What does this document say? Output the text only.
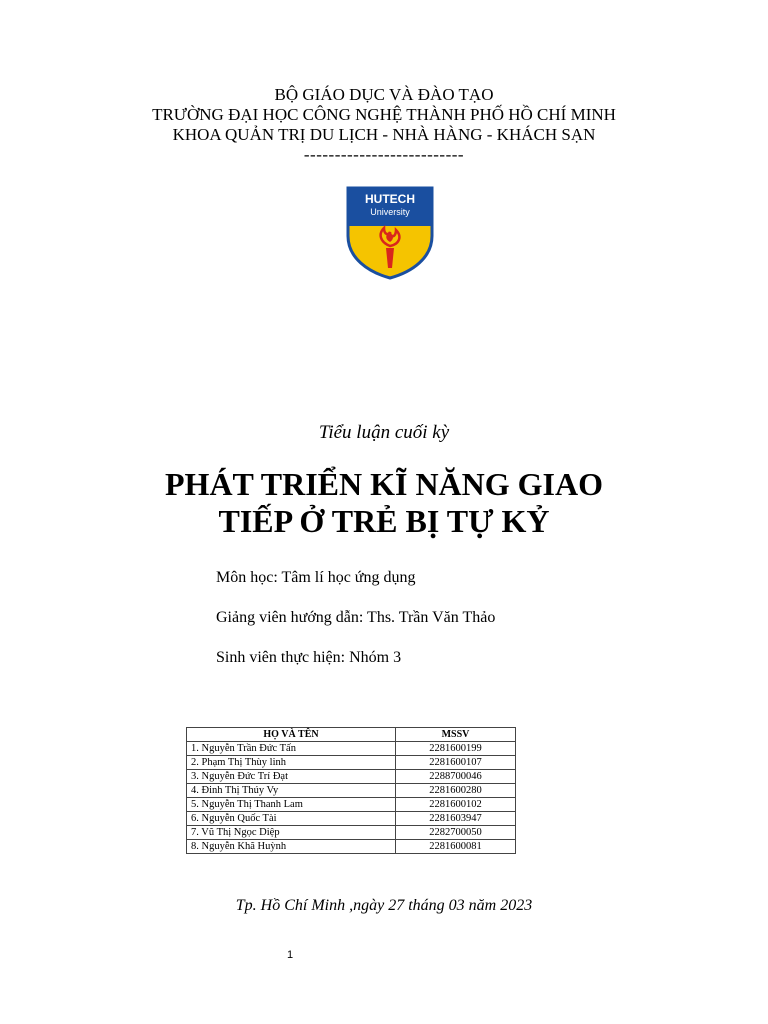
BỘ GIÁO DỤC VÀ ĐÀO TẠO
TRƯỜNG ĐẠI HỌC CÔNG NGHỆ THÀNH PHỐ HỒ CHÍ MINH
KHOA QUẢN TRỊ DU LỊCH - NHÀ HÀNG - KHÁCH SẠN
--------------------------
HUTECH
University
Tiểu luận cuối kỳ
PHÁT TRIỂN KĨ NĂNG GIAO
TIẾP Ở TRẺ BỊ TỰ KỶ
Môn học: Tâm lí học ứng dụng
Giảng viên hướng dẫn: Ths. Trần Văn Thảo
Sinh viên thực hiện: Nhóm 3
HỌ VÀ TÊN	MSSV
1. Nguyễn Trần Đức Tấn	2281600199
2. Phạm Thị Thùy linh	2281600107
3. Nguyễn Đức Trí Đạt	2288700046
4. Đinh Thị Thúy Vy	2281600280
5. Nguyễn Thị Thanh Lam	2281600102
6. Nguyễn Quốc Tài	2281603947
7. Vũ Thị Ngọc Diệp	2282700050
8. Nguyễn Khã Huỳnh	2281600081
Tp. Hồ Chí Minh ,ngày 27 tháng 03 năm 2023
1
